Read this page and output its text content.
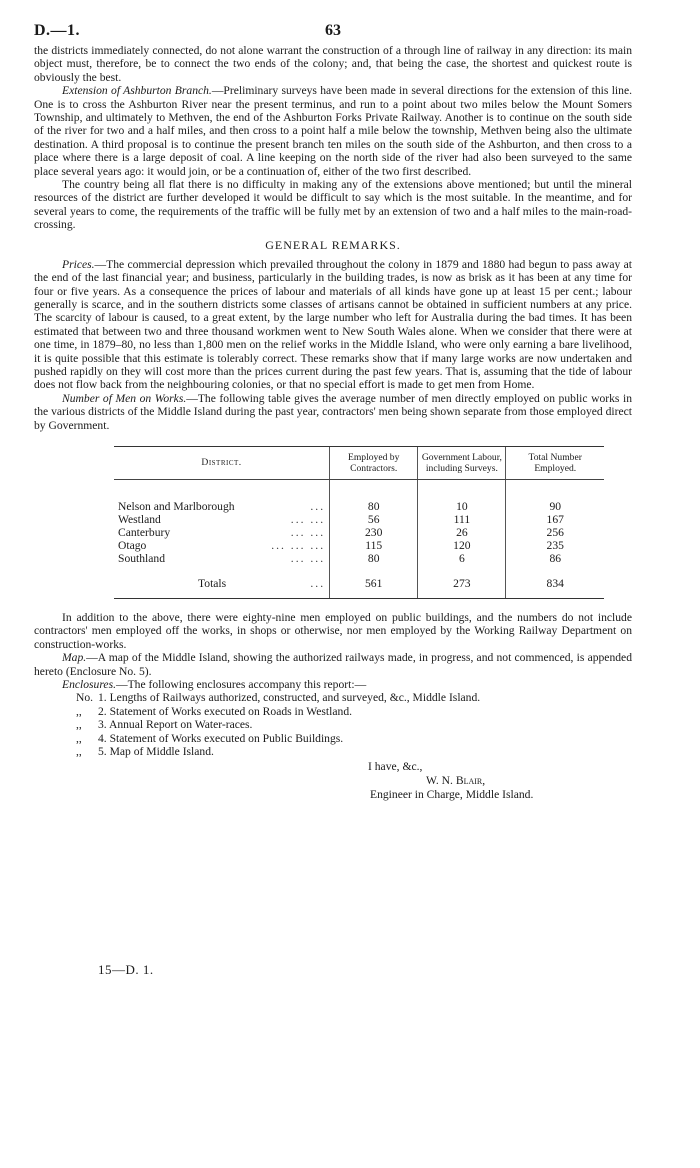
D.—1.	63

the districts immediately connected, do not alone warrant the construction of a through line of railway in any direction: its main object must, therefore, be to connect the two ends of the colony; and, that being the case, the shortest and quickest route is obviously the best.

Extension of Ashburton Branch.—Preliminary surveys have been made in several directions for the extension of this line. One is to cross the Ashburton River near the present terminus, and run to a point about two miles below the Mount Somers Township, and ultimately to Methven, the end of the Ashburton Forks Private Railway. Another is to continue on the south side of the river for two and a half miles, and then cross to a point half a mile below the township, Methven being also the ultimate destination. A third proposal is to continue the present branch ten miles on the south side of the Ashburton, and then cross to a place where there is a large deposit of coal. A line keeping on the north side of the river had also been surveyed to the same place several years ago: it would join, or be a continuation of, either of the two first described.

The country being all flat there is no difficulty in making any of the extensions above mentioned; but until the mineral resources of the district are further developed it would be difficult to say which is the most suitable. In the meantime, and for several years to come, the requirements of the traffic will be fully met by an extension of two and a half miles to the main-road-crossing.

GENERAL REMARKS.

Prices.—The commercial depression which prevailed throughout the colony in 1879 and 1880 had begun to pass away at the end of the last financial year; and business, particularly in the building trades, is now as brisk as it has been at any time for four or five years. As a consequence the prices of labour and materials of all kinds have gone up at least 15 per cent.; labour generally is scarce, and in the southern districts some classes of artisans cannot be obtained in sufficient numbers at any price. The scarcity of labour is caused, to a great extent, by the large number who left for Australia during the bad times. It has been estimated that between two and three thousand workmen went to New South Wales alone. When we consider that there were at one time, in 1879–80, no less than 1,800 men on the relief works in the Middle Island, who were only earning a bare livelihood, it is quite possible that this estimate is tolerably correct. These remarks show that if many large works are now undertaken and pushed rapidly on they will cost more than the prices current during the past few years. That is, assuming that the tide of labour does not flow back from the neighbouring colonies, or that no special effort is made to get men from Home.

Number of Men on Works.—The following table gives the average number of men directly employed on public works in the various districts of the Middle Island during the past year, contractors' men being shown separate from those employed direct by Government.

District.	Employed by Contractors.	Government Labour, including Surveys.	Total Number Employed.

Nelson and Marlborough ...	80	10	90

Westland ... ...	56	111	167

Canterbury ... ...	230	26	256

Otago ... ... ...	115	120	235

Southland ... ...	80	6	86

Totals ...	561	273	834

In addition to the above, there were eighty-nine men employed on public buildings, and the numbers do not include contractors' men employed off the works, in shops or otherwise, nor men employed by the Working Railway Department on construction-works.

Map.—A map of the Middle Island, showing the authorized railways made, in progress, and not commenced, is appended hereto (Enclosure No. 5).

Enclosures.—The following enclosures accompany this report:—

No. 1. Lengths of Railways authorized, constructed, and surveyed, &c., Middle Island.
,, 2. Statement of Works executed on Roads in Westland.
,, 3. Annual Report on Water-races.
,, 4. Statement of Works executed on Public Buildings.
,, 5. Map of Middle Island.
I have, &c.,
W. N. Blair,
Engineer in Charge, Middle Island.
15—D. 1.
